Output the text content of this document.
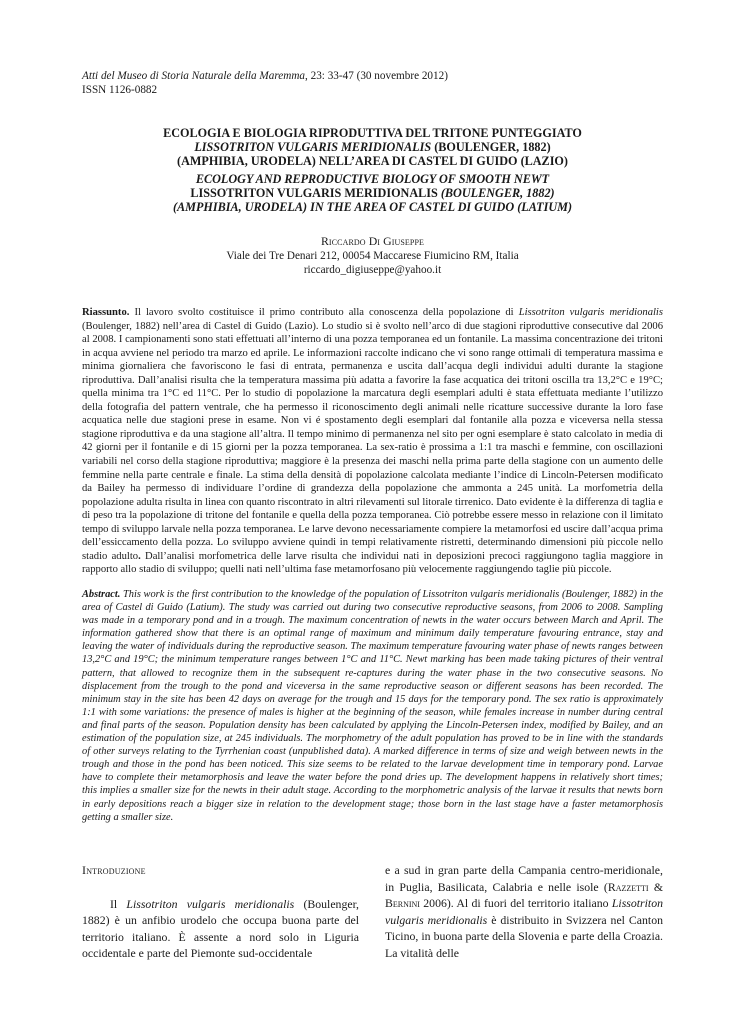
Atti del Museo di Storia Naturale della Maremma, 23: 33-47 (30 novembre 2012)
ISSN 1126-0882
ECOLOGIA E BIOLOGIA RIPRODUTTIVA DEL TRITONE PUNTEGGIATO
LISSOTRITON VULGARIS MERIDIONALIS (BOULENGER, 1882)
(AMPHIBIA, URODELA) NELL’AREA DI CASTEL DI GUIDO (LAZIO)
ECOLOGY AND REPRODUCTIVE BIOLOGY OF SMOOTH NEWT
LISSOTRITON VULGARIS MERIDIONALIS (BOULENGER, 1882)
(AMPHIBIA, URODELA) IN THE AREA OF CASTEL DI GUIDO (LATIUM)
Riccardo Di Giuseppe
Viale dei Tre Denari 212, 00054 Maccarese Fiumicino RM, Italia
riccardo_digiuseppe@yahoo.it

Riassunto. Il lavoro svolto costituisce il primo contributo alla conoscenza della popolazione di Lissotriton vulgaris meridionalis (Boulenger, 1882) nell’area di Castel di Guido (Lazio). Lo studio si è svolto nell’arco di due stagioni riproduttive consecutive dal 2006 al 2008. I campionamenti sono stati effettuati all’interno di una pozza temporanea ed un fontanile. La massima concentrazione dei tritoni in acqua avviene nel periodo tra marzo ed aprile. Le informazioni raccolte indicano che vi sono range ottimali di temperatura massima e minima giornaliera che favoriscono le fasi di entrata, permanenza e uscita dall’acqua degli individui adulti durante la stagione riproduttiva. Dall’analisi risulta che la temperatura massima più adatta a favorire la fase acquatica dei tritoni oscilla tra 13,2°C e 19°C; quella minima tra 1°C ed 11°C. Per lo studio di popolazione la marcatura degli esemplari adulti è stata effettuata mediante l’utilizzo della fotografia del pattern ventrale, che ha permesso il riconoscimento degli animali nelle ricatture successive durante la loro fase acquatica nelle due stagioni prese in esame. Non vi é spostamento degli esemplari dal fontanile alla pozza e viceversa nella stessa stagione riproduttiva e da una stagione all’altra. Il tempo minimo di permanenza nel sito per ogni esemplare è stato calcolato in media di 42 giorni per il fontanile e di 15 giorni per la pozza temporanea. La sex-ratio è prossima a 1:1 tra maschi e femmine, con oscillazioni variabili nel corso della stagione riproduttiva; maggiore è la presenza dei maschi nella prima parte della stagione con un aumento delle femmine nella parte centrale e finale. La stima della densità di popolazione calcolata mediante l’indice di Lincoln-Petersen modificato da Bailey ha permesso di individuare l’ordine di grandezza della popolazione che ammonta a 245 unità. La morfometria della popolazione adulta risulta in linea con quanto riscontrato in altri rilevamenti sul litorale tirrenico. Dato evidente è la differenza di taglia e di peso tra la popolazione di tritone del fontanile e quella della pozza temporanea. Ciò potrebbe essere messo in relazione con il limitato tempo di sviluppo larvale nella pozza temporanea. Le larve devono necessariamente compiere la metamorfosi ed uscire dall’acqua prima dell’essiccamento della pozza. Lo sviluppo avviene quindi in tempi relativamente ristretti, determinando dimensioni più piccole nello stadio adulto. Dall’analisi morfometrica delle larve risulta che individui nati in deposizioni precoci raggiungono taglia maggiore in rapporto allo stadio di sviluppo; quelli nati nell’ultima fase metamorfosano più velocemente raggiungendo taglie più piccole.

Abstract. This work is the first contribution to the knowledge of the population of Lissotriton vulgaris meridionalis (Boulenger, 1882) in the area of Castel di Guido (Latium). The study was carried out during two consecutive reproductive seasons, from 2006 to 2008. Sampling was made in a temporary pond and in a trough. The maximum concentration of newts in the water occurs between March and April. The information gathered show that there is an optimal range of maximum and minimum daily temperature favouring entrance, stay and leaving the water of individuals during the reproductive season. The maximum temperature favouring water phase of newts ranges between 13,2°C and 19°C; the minimum temperature ranges between 1°C and 11°C. Newt marking has been made taking pictures of their ventral pattern, that allowed to recognize them in the subsequent re-captures during the water phase in the two consecutive seasons. No displacement from the trough to the pond and viceversa in the same reproductive season or different seasons has been recorded. The minimum stay in the site has been 42 days on average for the trough and 15 days for the temporary pond. The sex ratio is approximately 1:1 with some variations: the presence of males is higher at the beginning of the season, while females increase in number during central and final parts of the season. Population density has been calculated by applying the Lincoln-Petersen index, modified by Bailey, and an estimation of the population size, at 245 individuals. The morphometry of the adult population has proved to be in line with the standards of other surveys relating to the Tyrrhenian coast (unpublished data). A marked difference in terms of size and weigh between newts in the trough and those in the pond has been noticed. This size seems to be related to the larvae development time in temporary pond. Larvae have to complete their metamorphosis and leave the water before the pond dries up. The development happens in relatively short times; this implies a smaller size for the newts in their adult stage. According to the morphometric analysis of the larvae it results that newts born in early depositions reach a bigger size in relation to the development stage; those born in the last stage have a faster metamorphosis getting a smaller size.

Introduzione

Il Lissotriton vulgaris meridionalis (Boulenger, 1882) è un anfibio urodelo che occupa buona parte del territorio italiano. È assente a nord solo in Liguria occidentale e parte del Piemonte sud-occidentale

e a sud in gran parte della Campania centro-meridionale, in Puglia, Basilicata, Calabria e nelle isole (Razzetti & Bernini 2006). Al di fuori del territorio italiano Lissotriton vulgaris meridionalis è distribuito in Svizzera nel Canton Ticino, in buona parte della Slovenia e parte della Croazia. La vitalità delle
